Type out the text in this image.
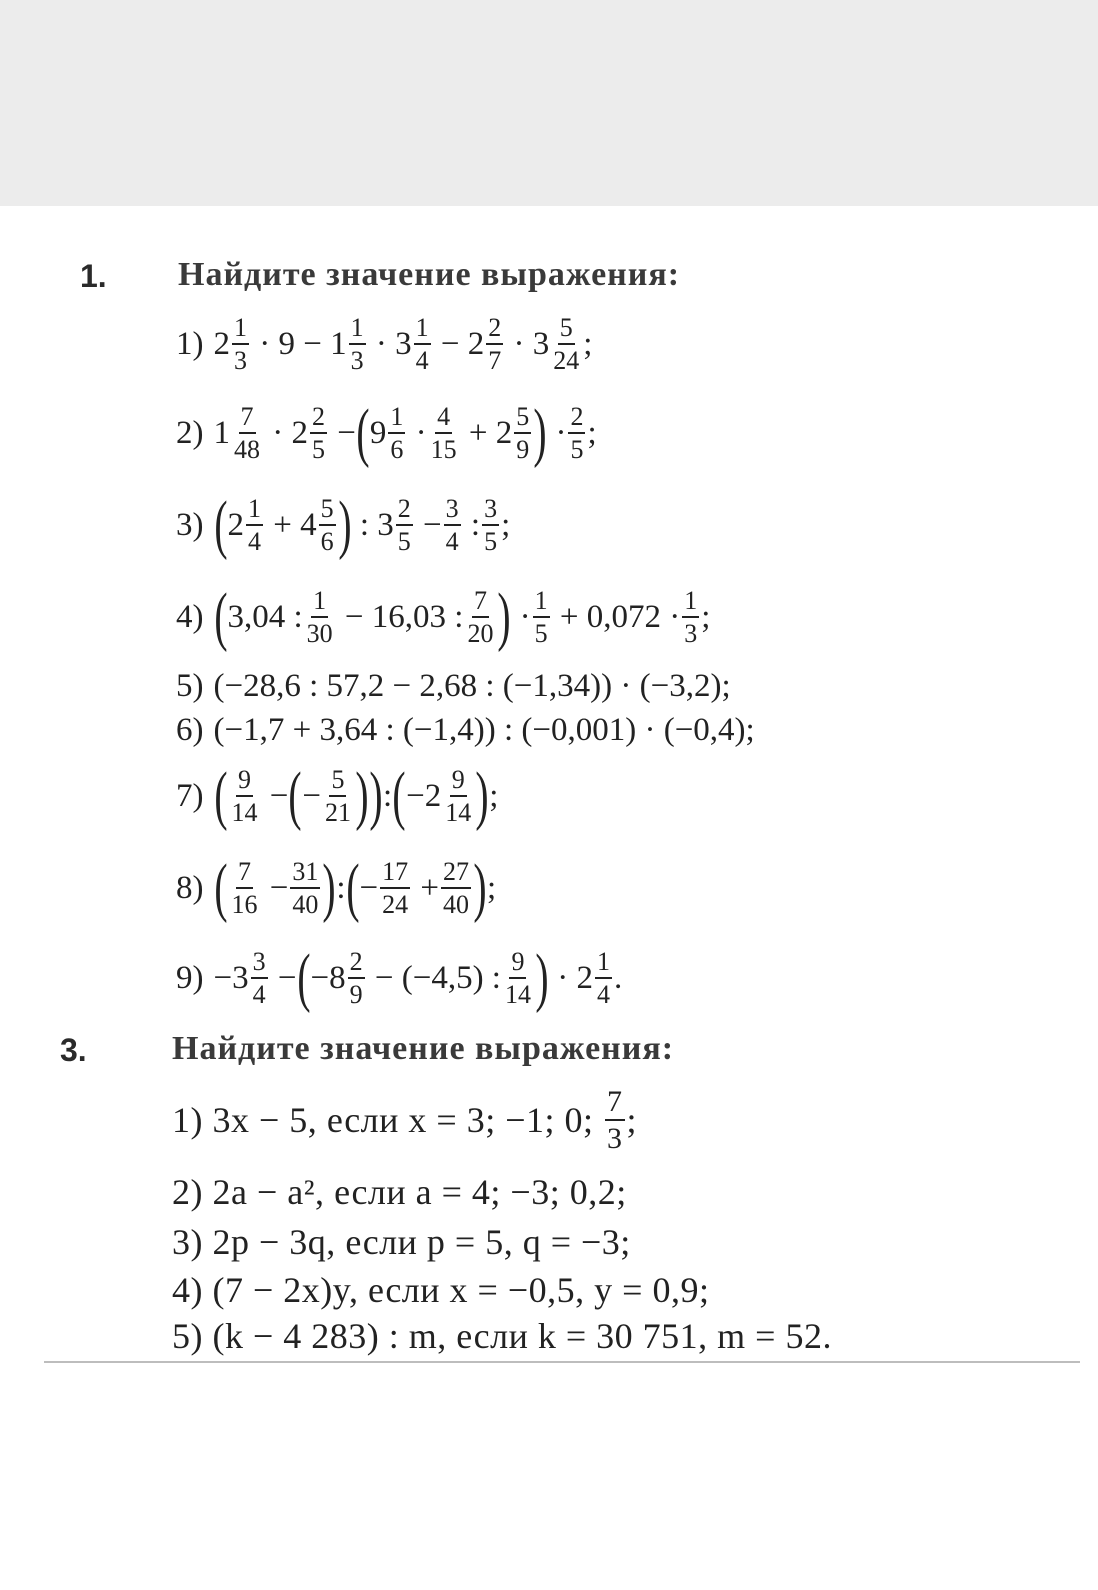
1. Найдите значение выражения:
1) $2 \frac{1}{3} \cdot 9 - 1 \frac{1}{3} \cdot 3 \frac{1}{4} - 2 \frac{2}{7} \cdot 3 \frac{5}{24}$ ;
2) $1 \frac{7}{48} \cdot 2 \frac{2}{5}$ − ( $9 \frac{1}{6} \cdot \frac{4}{15} + 2 \frac{5}{9}$ ) · $\frac{2}{5}$ ;
3) ( $2 \frac{1}{4} + 4 \frac{5}{6}$ ) : $3 \frac{2}{5} - \frac{3}{4}$ : $\frac{3}{5}$ ;
4) ( 3,04 : $\frac{1}{30} - 16,03$ : $\frac{7}{20}$ ) · $\frac{1}{5} + 0,072 \cdot \frac{1}{3}$ ;
5) (−28,6 : 57,2 − 2,68 : (−1,34)) · (−3,2);
6) (−1,7 + 3,64 : (−1,4)) : (−0,001) · (−0,4);
7) ( $\frac{9}{14}$ − ( − $\frac{5}{21}$ ) ) : ( $-2 \frac{9}{14}$ ) ;
8) ( $\frac{7}{16} - \frac{31}{40}$ ) : ( − $\frac{17}{24} + \frac{27}{40}$ ) ;
$9) -3 \frac{3}{4}$ − ( $-8 \frac{2}{9} - (-4,5)$ : $\frac{9}{14}$ ) · $2 \frac{1}{4}$ .
3.	Найдите значение выражения:
1)
3x − 5,
если x = 3; −1; 0;
$\frac{7}{3}$ ;
2)
2a − a²,
если a = 4; −3; 0,2;
3)
2p − 3q,
если p = 5, q = −3;
4)
(7 − 2x)y,
если x = −0,5, y = 0,9;
5)
(k − 4 283) : m,
если k = 30 751, m = 52.
